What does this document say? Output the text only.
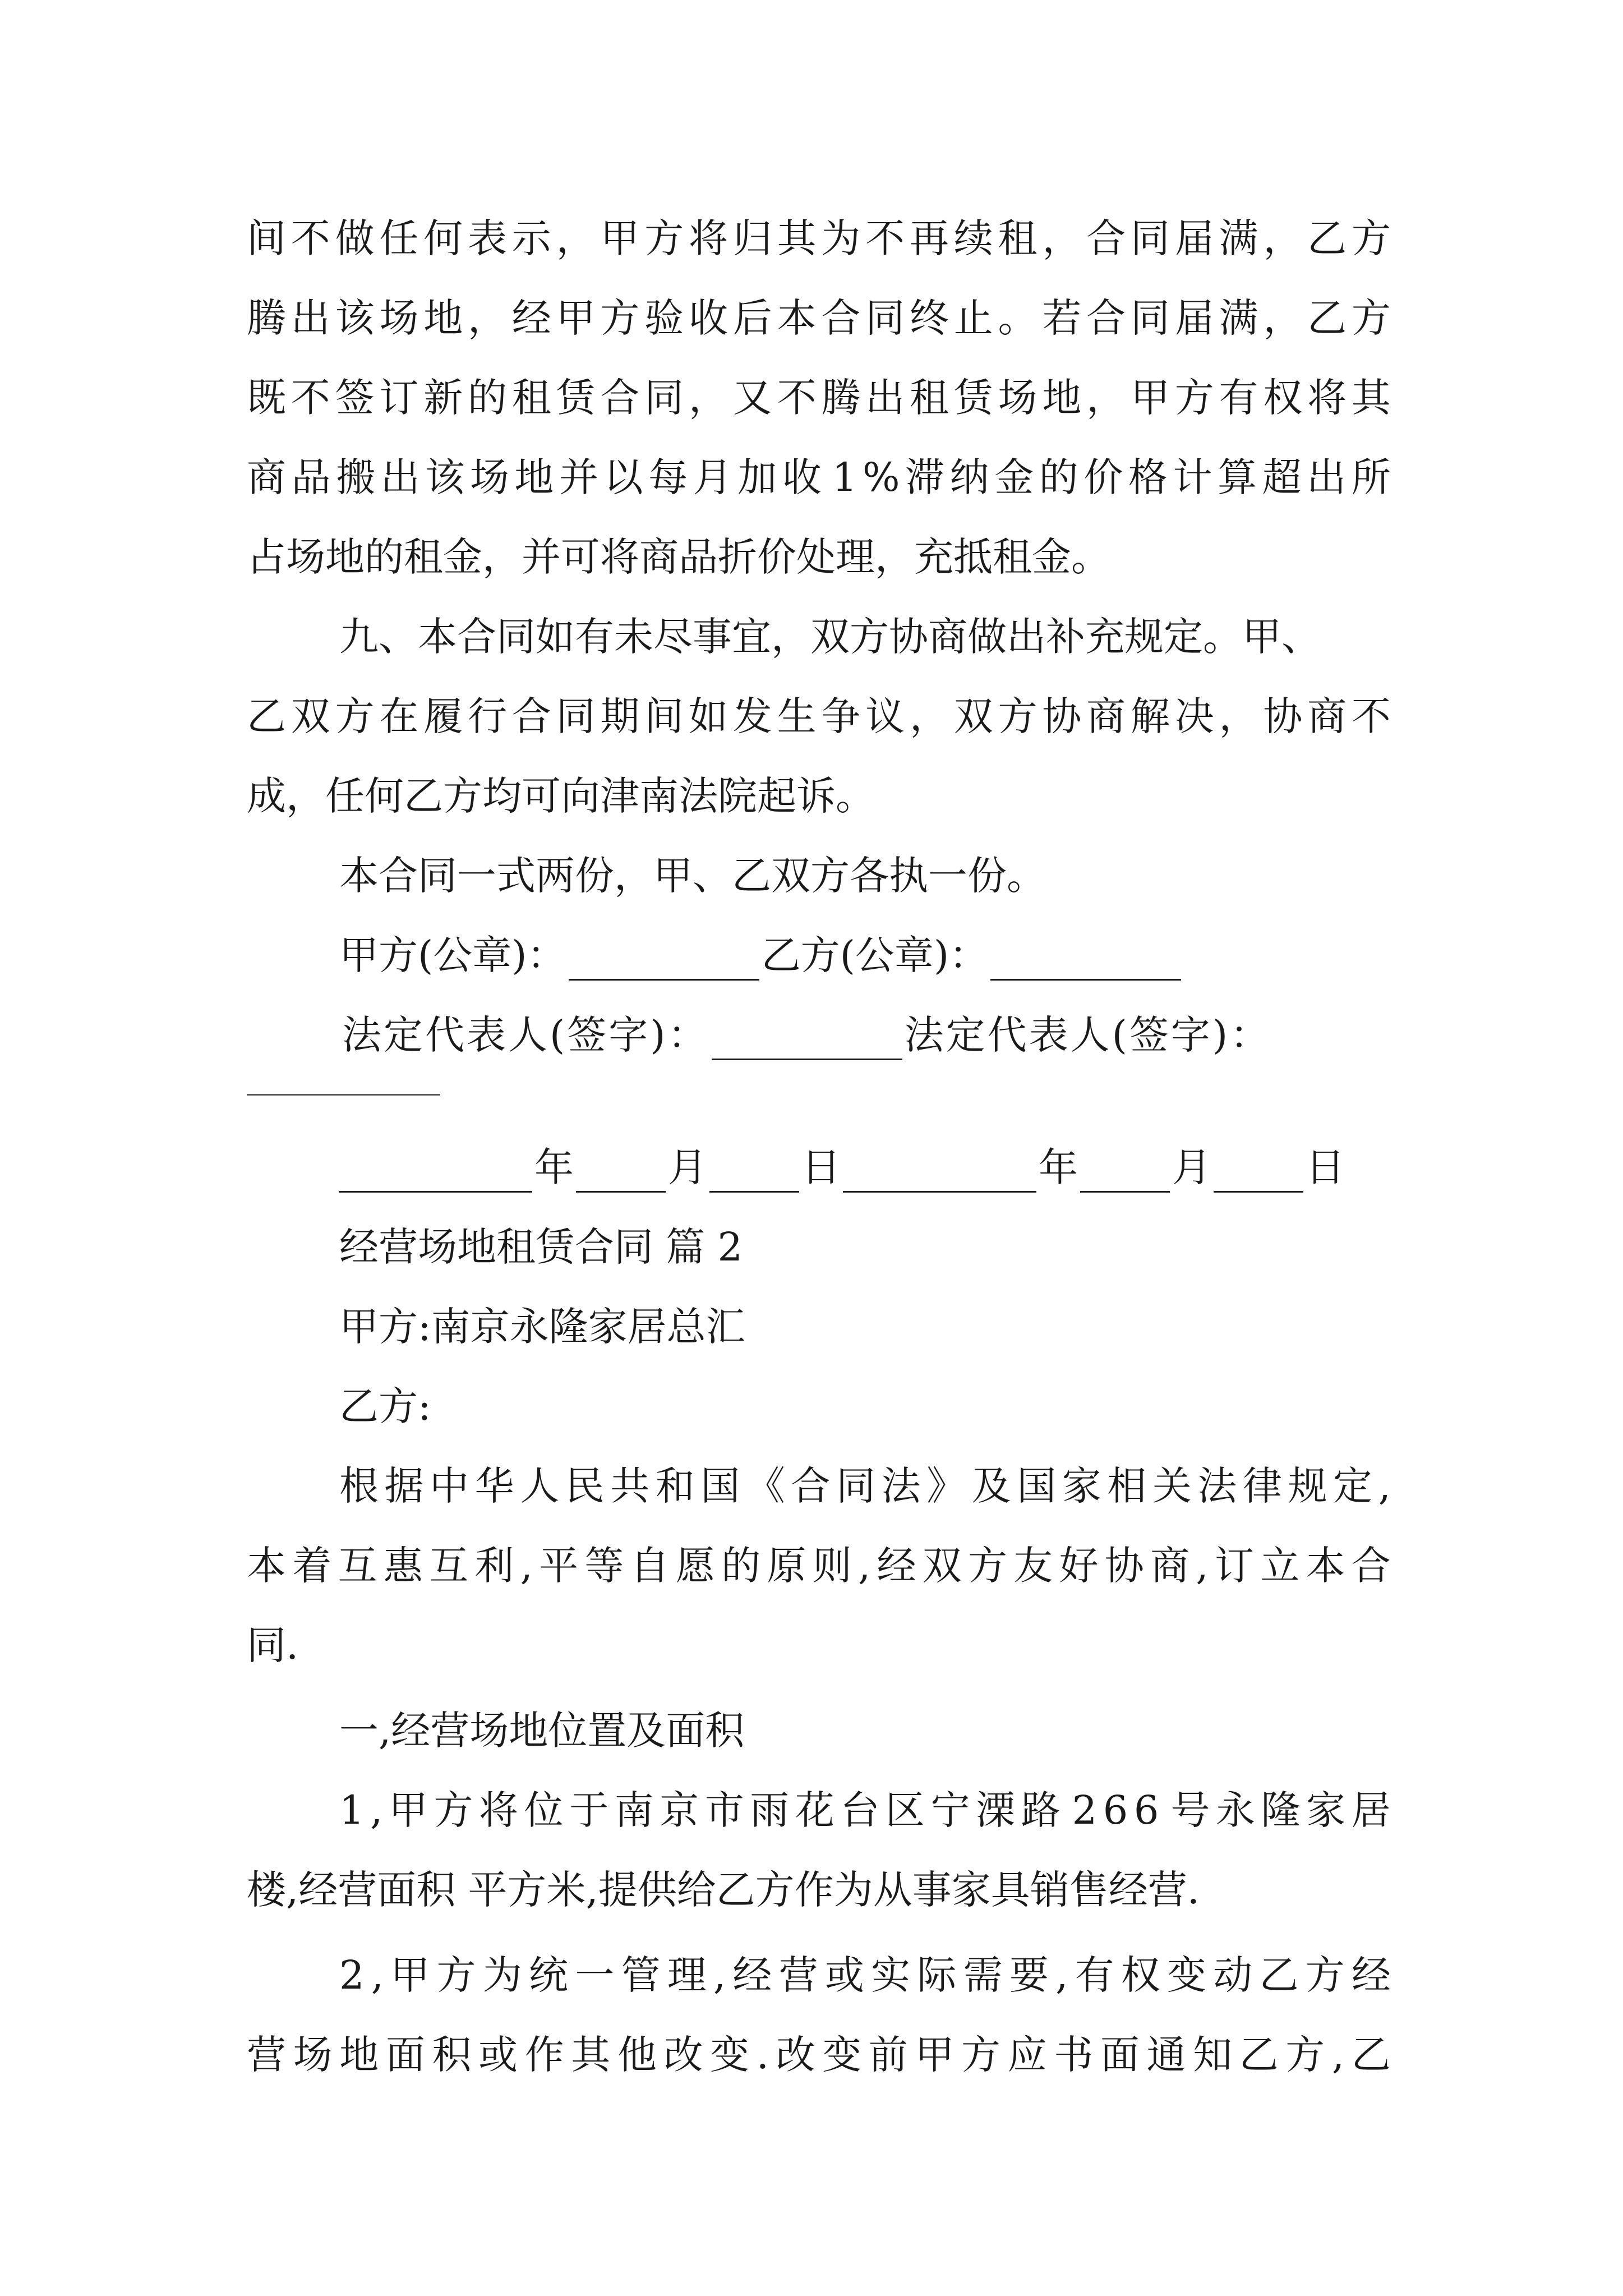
间 不 做 任 何 表 示 ， 甲 方 将 归 其 为 不 再 续 租 ， 合 同 届 满 ， 乙 方
腾 出 该 场 地 ， 经 甲 方 验 收 后 本 合 同 终 止 。 若 合 同 届 满 ， 乙 方
既 不 签 订 新 的 租 赁 合 同 ， 又 不 腾 出 租 赁 场 地 ， 甲 方 有 权 将 其
商 品 搬 出 该 场 地 并 以 每 月 加 收 1 % 滞 纳 金 的 价 格 计 算 超 出 所
占场地的租金，并可将商品折价处理，充抵租金。
九、本合同如有未尽事宜，双方协商做出补充规定。甲、
乙 双 方 在 履 行 合 同 期 间 如 发 生 争 议 ， 双 方 协 商 解 决 ， 协 商 不
成，任何乙方均可向津南法院起诉。
本合同一式两份，甲、乙双方各执一份。
甲方(公章)：	乙方(公章)：
法定代表人(签字)：	法定代表人(签字)：
年 月 日	年 月 日
经营场地租赁合同 篇 2
甲方:南京永隆家居总汇
乙方:
根 据 中 华 人 民 共 和 国 《 合 同 法 》 及 国 家 相 关 法 律 规 定 ,
本 着 互 惠 互 利 , 平 等 自 愿 的 原 则 , 经 双 方 友 好 协 商 , 订 立 本 合
同.
一,经营场地位置及面积
1 , 甲 方 将 位 于 南 京 市 雨 花 台 区 宁 溧 路 2 6 6 号 永 隆 家 居
楼,经营面积 平方米,提供给乙方作为从事家具销售经营.
2 , 甲 方 为 统 一 管 理 , 经 营 或 实 际 需 要 , 有 权 变 动 乙 方 经
营 场 地 面 积 或 作 其 他 改 变 . 改 变 前 甲 方 应 书 面 通 知 乙 方 , 乙
